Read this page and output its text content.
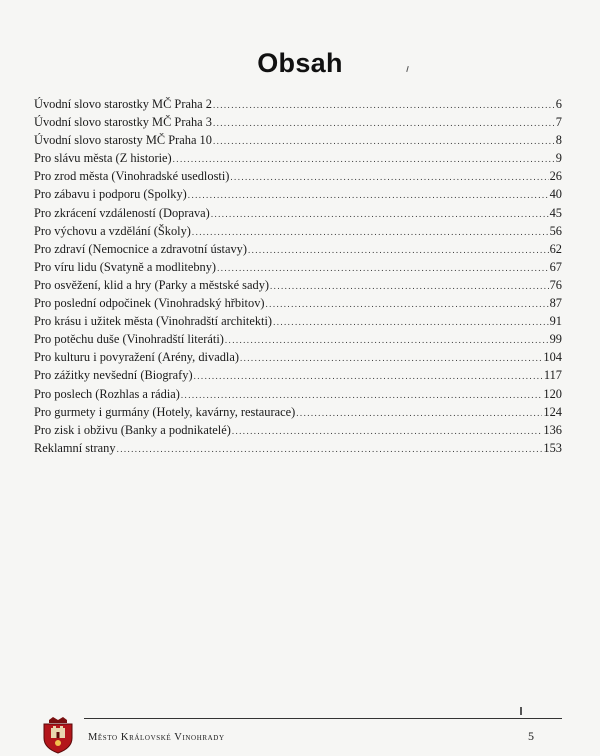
Obsah
Úvodní slovo starostky MČ Praha 2 .....	6
Úvodní slovo starostky MČ Praha 3 .....	7
Úvodní slovo starosty MČ Praha 10 .....	8
Pro slávu města (Z historie) .....	9
Pro zrod města (Vinohradské usedlosti) .....	26
Pro zábavu i podporu (Spolky) .....	40
Pro zkrácení vzdáleností (Doprava) .....	45
Pro výchovu a vzdělání (Školy) .....	56
Pro zdraví (Nemocnice a zdravotní ústavy) .....	62
Pro víru lidu (Svatyně a modlitebny) .....	67
Pro osvěžení, klid a hry (Parky a městské sady) .....	76
Pro poslední odpočinek (Vinohradský hřbitov) .....	87
Pro krásu i užitek města (Vinohradští architekti) .....	91
Pro potěchu duše (Vinohradští literáti) .....	99
Pro kulturu i povyražení (Arény, divadla) .....	104
Pro zážitky nevšední (Biografy) .....	117
Pro poslech (Rozhlas a rádia) .....	120
Pro gurmety i gurmány (Hotely, kavárny, restaurace) .....	124
Pro zisk i obživu (Banky a podnikatelé) .....	136
Reklamní strany .....	153
Město Královské Vinohrady	5
